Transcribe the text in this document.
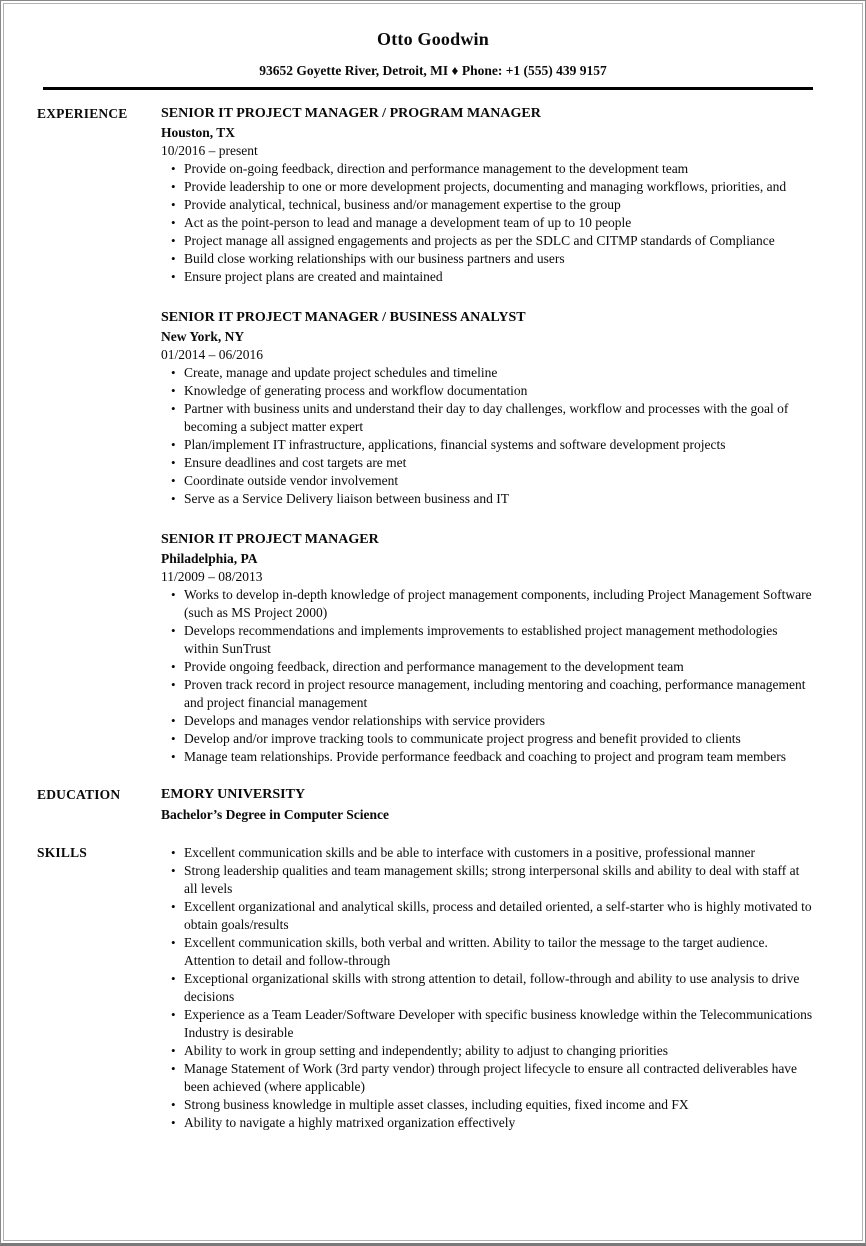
Otto Goodwin
93652 Goyette River, Detroit, MI ♦ Phone: +1 (555) 439 9157
EXPERIENCE	SENIOR IT PROJECT MANAGER / PROGRAM MANAGER
Houston, TX
10/2016 – present
• Provide on-going feedback, direction and performance management to the development team
• Provide leadership to one or more development projects, documenting and managing workflows, priorities, and
• Provide analytical, technical, business and/or management expertise to the group
• Act as the point-person to lead and manage a development team of up to 10 people
• Project manage all assigned engagements and projects as per the SDLC and CITMP standards of Compliance
• Build close working relationships with our business partners and users
• Ensure project plans are created and maintained
SENIOR IT PROJECT MANAGER / BUSINESS ANALYST
New York, NY
01/2014 – 06/2016
• Create, manage and update project schedules and timeline
• Knowledge of generating process and workflow documentation
• Partner with business units and understand their day to day challenges, workflow and processes with the goal of becoming a subject matter expert
• Plan/implement IT infrastructure, applications, financial systems and software development projects
• Ensure deadlines and cost targets are met
• Coordinate outside vendor involvement
• Serve as a Service Delivery liaison between business and IT
SENIOR IT PROJECT MANAGER
Philadelphia, PA
11/2009 – 08/2013
• Works to develop in-depth knowledge of project management components, including Project Management Software (such as MS Project 2000)
• Develops recommendations and implements improvements to established project management methodologies within SunTrust
• Provide ongoing feedback, direction and performance management to the development team
• Proven track record in project resource management, including mentoring and coaching, performance management and project financial management
• Develops and manages vendor relationships with service providers
• Develop and/or improve tracking tools to communicate project progress and benefit provided to clients
• Manage team relationships. Provide performance feedback and coaching to project and program team members
EDUCATION	EMORY UNIVERSITY
Bachelor’s Degree in Computer Science
SKILLS	• Excellent communication skills and be able to interface with customers in a positive, professional manner
• Strong leadership qualities and team management skills; strong interpersonal skills and ability to deal with staff at all levels
• Excellent organizational and analytical skills, process and detailed oriented, a self-starter who is highly motivated to obtain goals/results
• Excellent communication skills, both verbal and written. Ability to tailor the message to the target audience. Attention to detail and follow-through
• Exceptional organizational skills with strong attention to detail, follow-through and ability to use analysis to drive decisions
• Experience as a Team Leader/Software Developer with specific business knowledge within the Telecommunications Industry is desirable
• Ability to work in group setting and independently; ability to adjust to changing priorities
• Manage Statement of Work (3rd party vendor) through project lifecycle to ensure all contracted deliverables have been achieved (where applicable)
• Strong business knowledge in multiple asset classes, including equities, fixed income and FX
• Ability to navigate a highly matrixed organization effectively
